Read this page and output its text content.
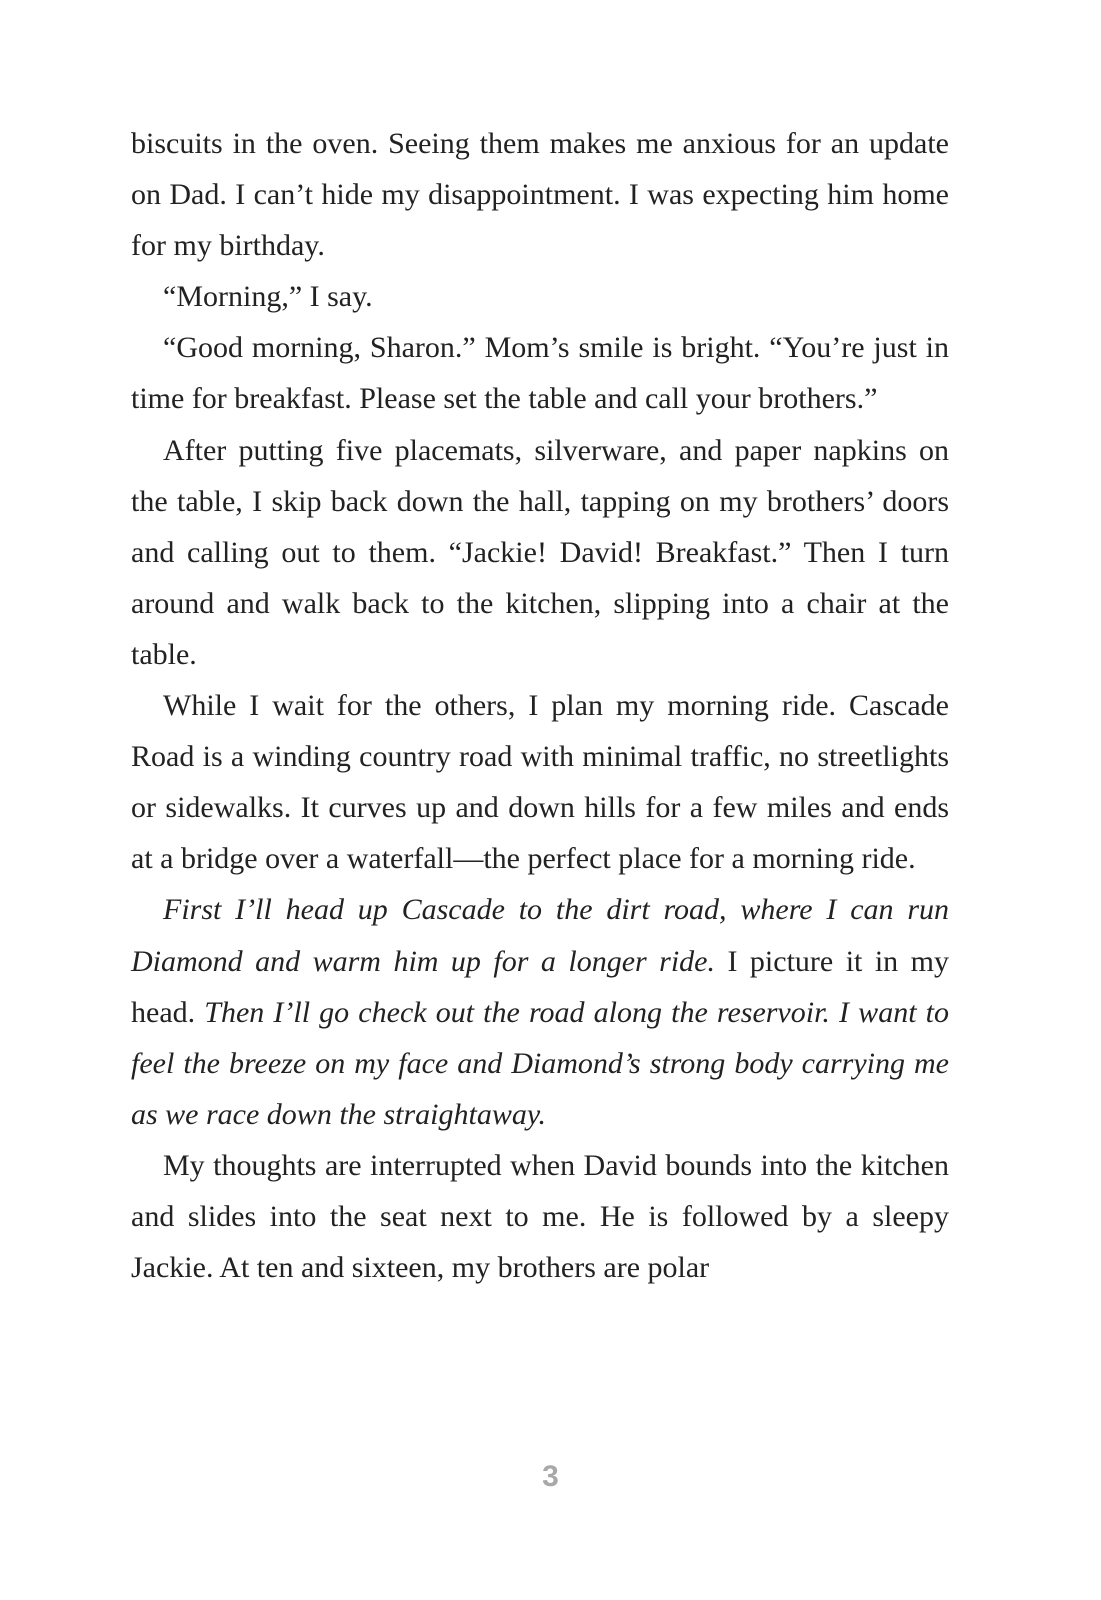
biscuits in the oven. Seeing them makes me anxious for an update on Dad. I can’t hide my disappointment. I was expecting him home for my birthday.

“Morning,” I say.

“Good morning, Sharon.” Mom’s smile is bright. “You’re just in time for breakfast. Please set the table and call your brothers.”

After putting five placemats, silverware, and paper napkins on the table, I skip back down the hall, tapping on my brothers’ doors and calling out to them. “Jackie! David! Breakfast.” Then I turn around and walk back to the kitchen, slipping into a chair at the table.

While I wait for the others, I plan my morning ride. Cascade Road is a winding country road with minimal traffic, no streetlights or sidewalks. It curves up and down hills for a few miles and ends at a bridge over a waterfall—the perfect place for a morning ride.

First I’ll head up Cascade to the dirt road, where I can run Diamond and warm him up for a longer ride. I picture it in my head. Then I’ll go check out the road along the reservoir. I want to feel the breeze on my face and Diamond’s strong body carrying me as we race down the straightaway.

My thoughts are interrupted when David bounds into the kitchen and slides into the seat next to me. He is followed by a sleepy Jackie. At ten and sixteen, my brothers are polar

3
